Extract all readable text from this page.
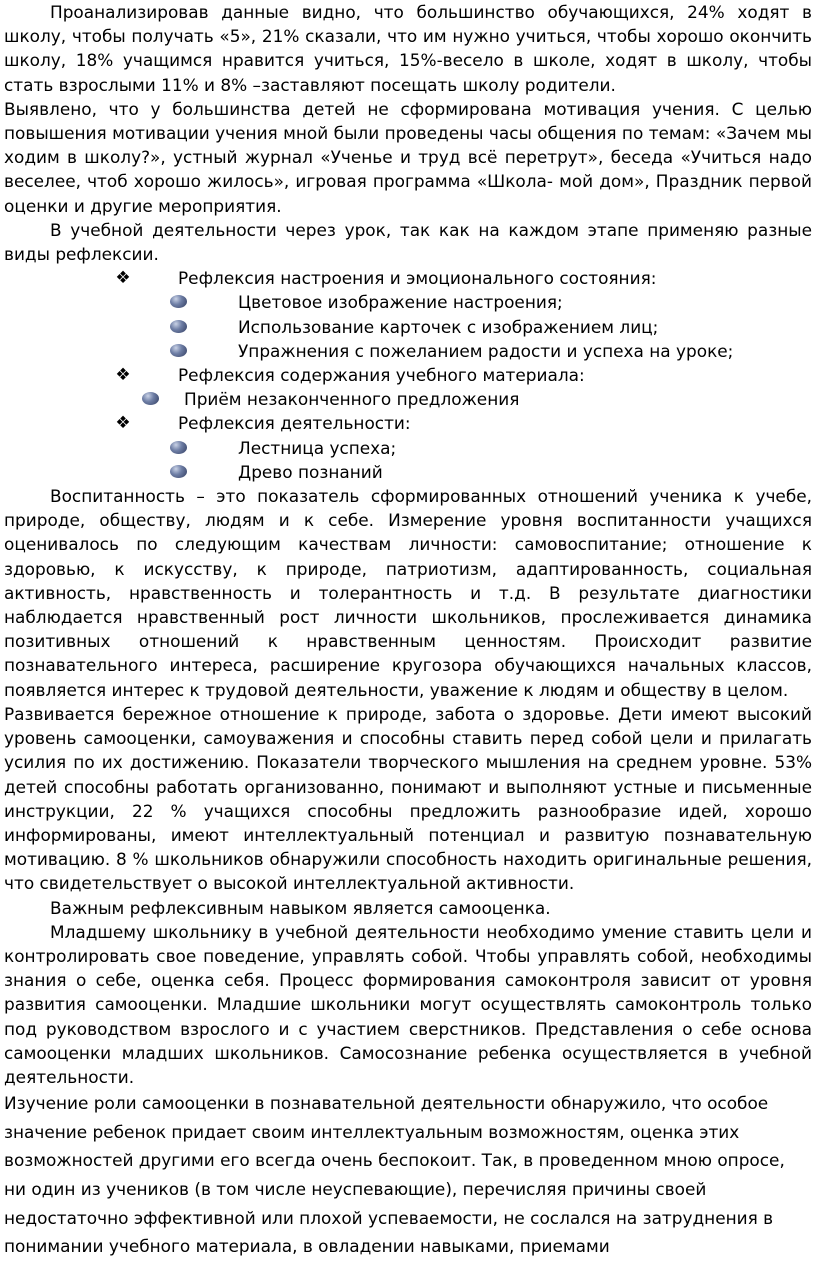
Проанализировав данные видно, что большинство обучающихся, 24% ходят в школу, чтобы получать «5», 21% сказали, что им нужно учиться, чтобы хорошо окончить школу, 18% учащимся нравится учиться, 15%-весело в школе, ходят в школу, чтобы стать взрослыми 11% и 8% –заставляют посещать школу родители.

Выявлено, что у большинства детей не сформирована мотивация учения. С целью повышения мотивации учения мной были проведены часы общения по темам: «Зачем мы ходим в школу?», устный журнал «Ученье и труд всё перетрут», беседа «Учиться надо веселее, чтоб хорошо жилось», игровая программа «Школа- мой дом», Праздник первой оценки и другие мероприятия.

В учебной деятельности через урок, так как на каждом этапе применяю разные виды рефлексии.

❖	Рефлексия настроения и эмоционального состояния:
Цветовое изображение настроения;
Использование карточек с изображением лиц;
Упражнения с пожеланием радости и успеха на уроке;
❖	Рефлексия содержания учебного материала:
Приём незаконченного предложения
❖	Рефлексия деятельности:
Лестница успеха;
Древо познаний

Воспитанность – это показатель сформированных отношений ученика к учебе, природе, обществу, людям и к себе. Измерение уровня воспитанности учащихся оценивалось по следующим качествам личности: самовоспитание; отношение к здоровью, к искусству, к природе, патриотизм, адаптированность, социальная активность, нравственность и толерантность и т.д. В результате диагностики наблюдается нравственный рост личности школьников, прослеживается динамика позитивных отношений к нравственным ценностям. Происходит развитие познавательного интереса, расширение кругозора обучающихся начальных классов, появляется интерес к трудовой деятельности, уважение к людям и обществу в целом.

Развивается бережное отношение к природе, забота о здоровье. Дети имеют высокий уровень самооценки, самоуважения и способны ставить перед собой цели и прилагать усилия по их достижению. Показатели творческого мышления на среднем уровне. 53% детей способны работать организованно, понимают и выполняют устные и письменные инструкции, 22 % учащихся способны предложить разнообразие идей, хорошо информированы, имеют интеллектуальный потенциал и развитую познавательную мотивацию. 8 % школьников обнаружили способность находить оригинальные решения, что свидетельствует о высокой интеллектуальной активности.

Важным рефлексивным навыком является самооценка.

Младшему школьнику в учебной деятельности необходимо умение ставить цели и контролировать свое поведение, управлять собой. Чтобы управлять собой, необходимы знания о себе, оценка себя. Процесс формирования самоконтроля зависит от уровня развития самооценки. Младшие школьники могут осуществлять самоконтроль только под руководством взрослого и с участием сверстников. Представления о себе основа самооценки младших школьников. Самосознание ребенка осуществляется в учебной деятельности.

Изучение роли самооценки в познавательной деятельности обнаружило, что особое значение ребенок придает своим интеллектуальным возможностям, оценка этих возможностей другими его всегда очень беспокоит. Так, в проведенном мною опросе, ни один из учеников (в том числе неуспевающие), перечисляя причины своей недостаточно эффективной или плохой успеваемости, не сослался на затруднения в понимании учебного материала, в овладении навыками, приемами
